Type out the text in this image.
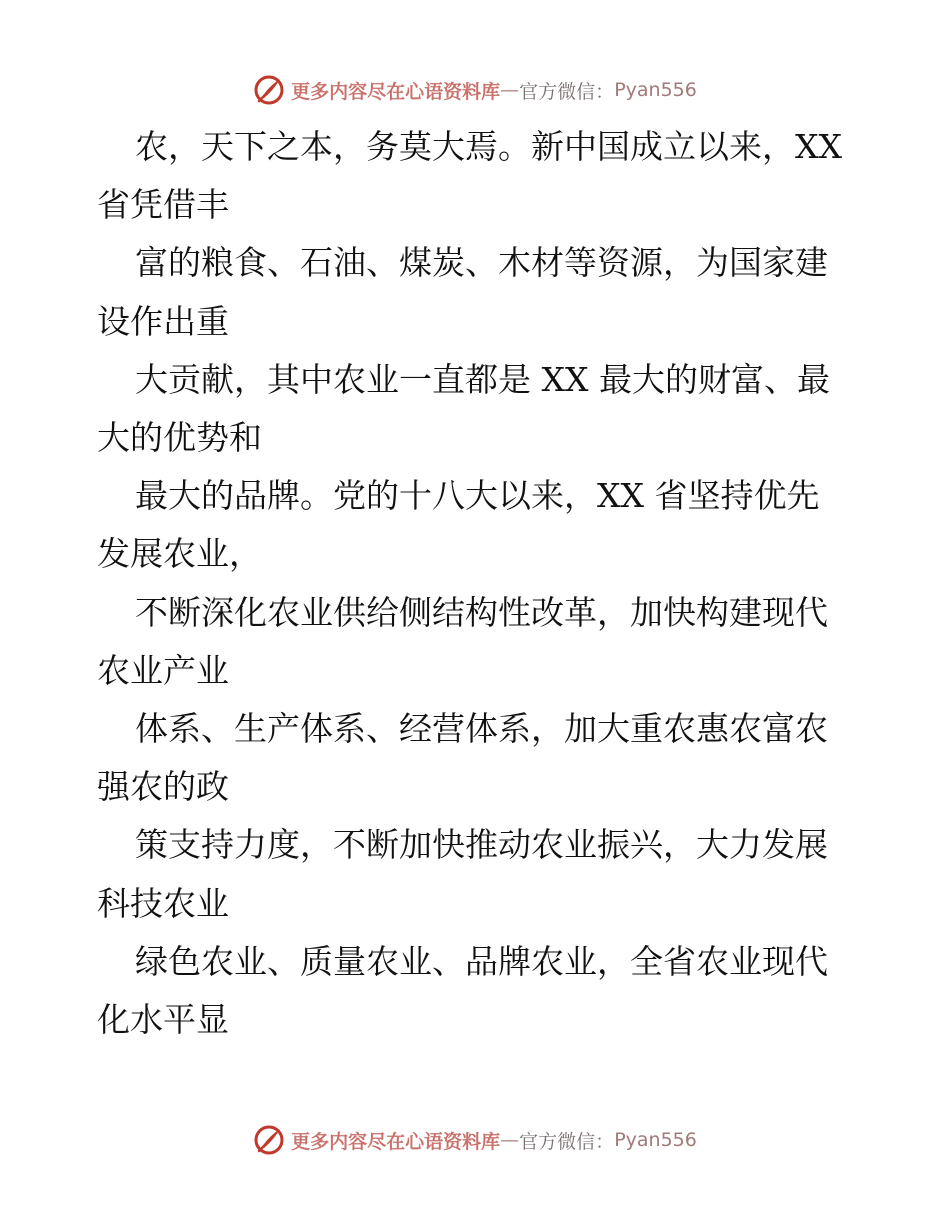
更多内容尽在心语资料库 — 官方微信： Pyan556
农，天下之本，务莫大焉。新中国成立以来，XX
省凭借丰
富的粮食、石油、煤炭、木材等资源，为国家建
设作出重
大贡献，其中农业一直都是 XX 最大的财富、最
大的优势和
最大的品牌。党的十八大以来，XX 省坚持优先
发展农业，
不断深化农业供给侧结构性改革，加快构建现代
农业产业
体系、生产体系、经营体系，加大重农惠农富农
强农的政
策支持力度，不断加快推动农业振兴，大力发展
科技农业
绿色农业、质量农业、品牌农业，全省农业现代
化水平显
更多内容尽在心语资料库 — 官方微信： Pyan556
